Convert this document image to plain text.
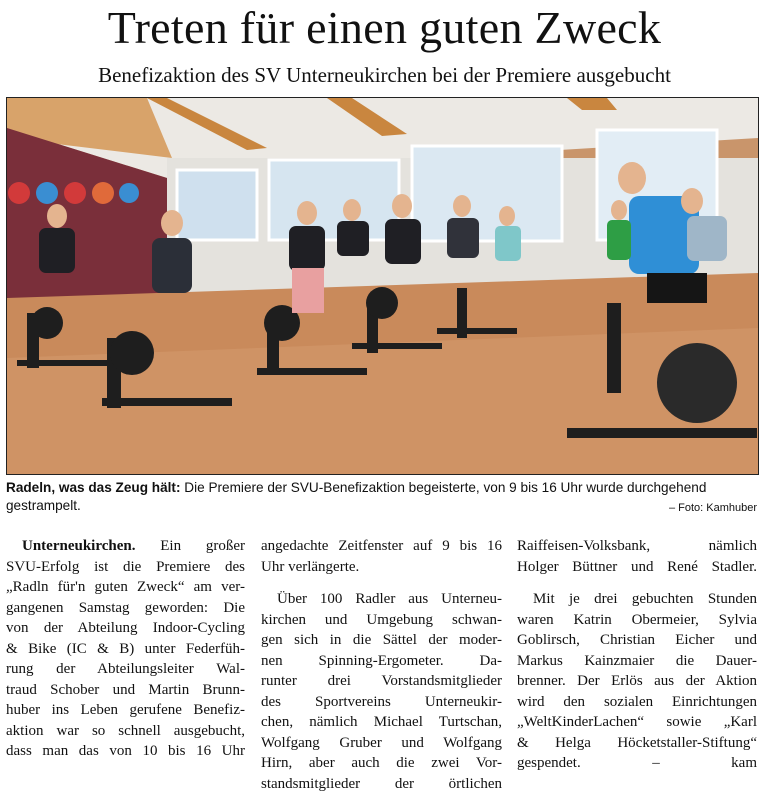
Treten für einen guten Zweck
Benefizaktion des SV Unterneukirchen bei der Premiere ausgebucht
Radeln, was das Zeug hält: Die Premiere der SVU-Benefizaktion begeisterte, von 9 bis 16 Uhr wurde durchgehend gestrampelt.	– Foto: Kamhuber
Unterneukirchen. Ein großer
SVU-Erfolg ist die Premiere des
„Radln für'n guten Zweck“ am ver-
gangenen Samstag geworden: Die
von der Abteilung Indoor-Cycling
& Bike (IC & B) unter Federfüh-
rung der Abteilungsleiter Wal-
traud Schober und Martin Brunn-
huber ins Leben gerufene Benefiz-
aktion war so schnell ausgebucht,
dass man das von 10 bis 16 Uhr
angedachte Zeitfenster auf 9 bis 16
Uhr verlängerte.
Über 100 Radler aus Unterneu-
kirchen und Umgebung schwan-
gen sich in die Sättel der moder-
nen Spinning-Ergometer. Da-
runter drei Vorstandsmitglieder
des Sportvereins Unterneukir-
chen, nämlich Michael Turtschan,
Wolfgang Gruber und Wolfgang
Hirn, aber auch die zwei Vor-
standsmitglieder der örtlichen
Raiffeisen-Volksbank, nämlich
Holger Büttner und René Stadler.
Mit je drei gebuchten Stunden
waren Katrin Obermeier, Sylvia
Goblirsch, Christian Eicher und
Markus Kainzmaier die Dauer-
brenner. Der Erlös aus der Aktion
wird den sozialen Einrichtungen
„WeltKinderLachen“ sowie „Karl
& Helga Höcketstaller-Stiftung“
gespendet. – kam
